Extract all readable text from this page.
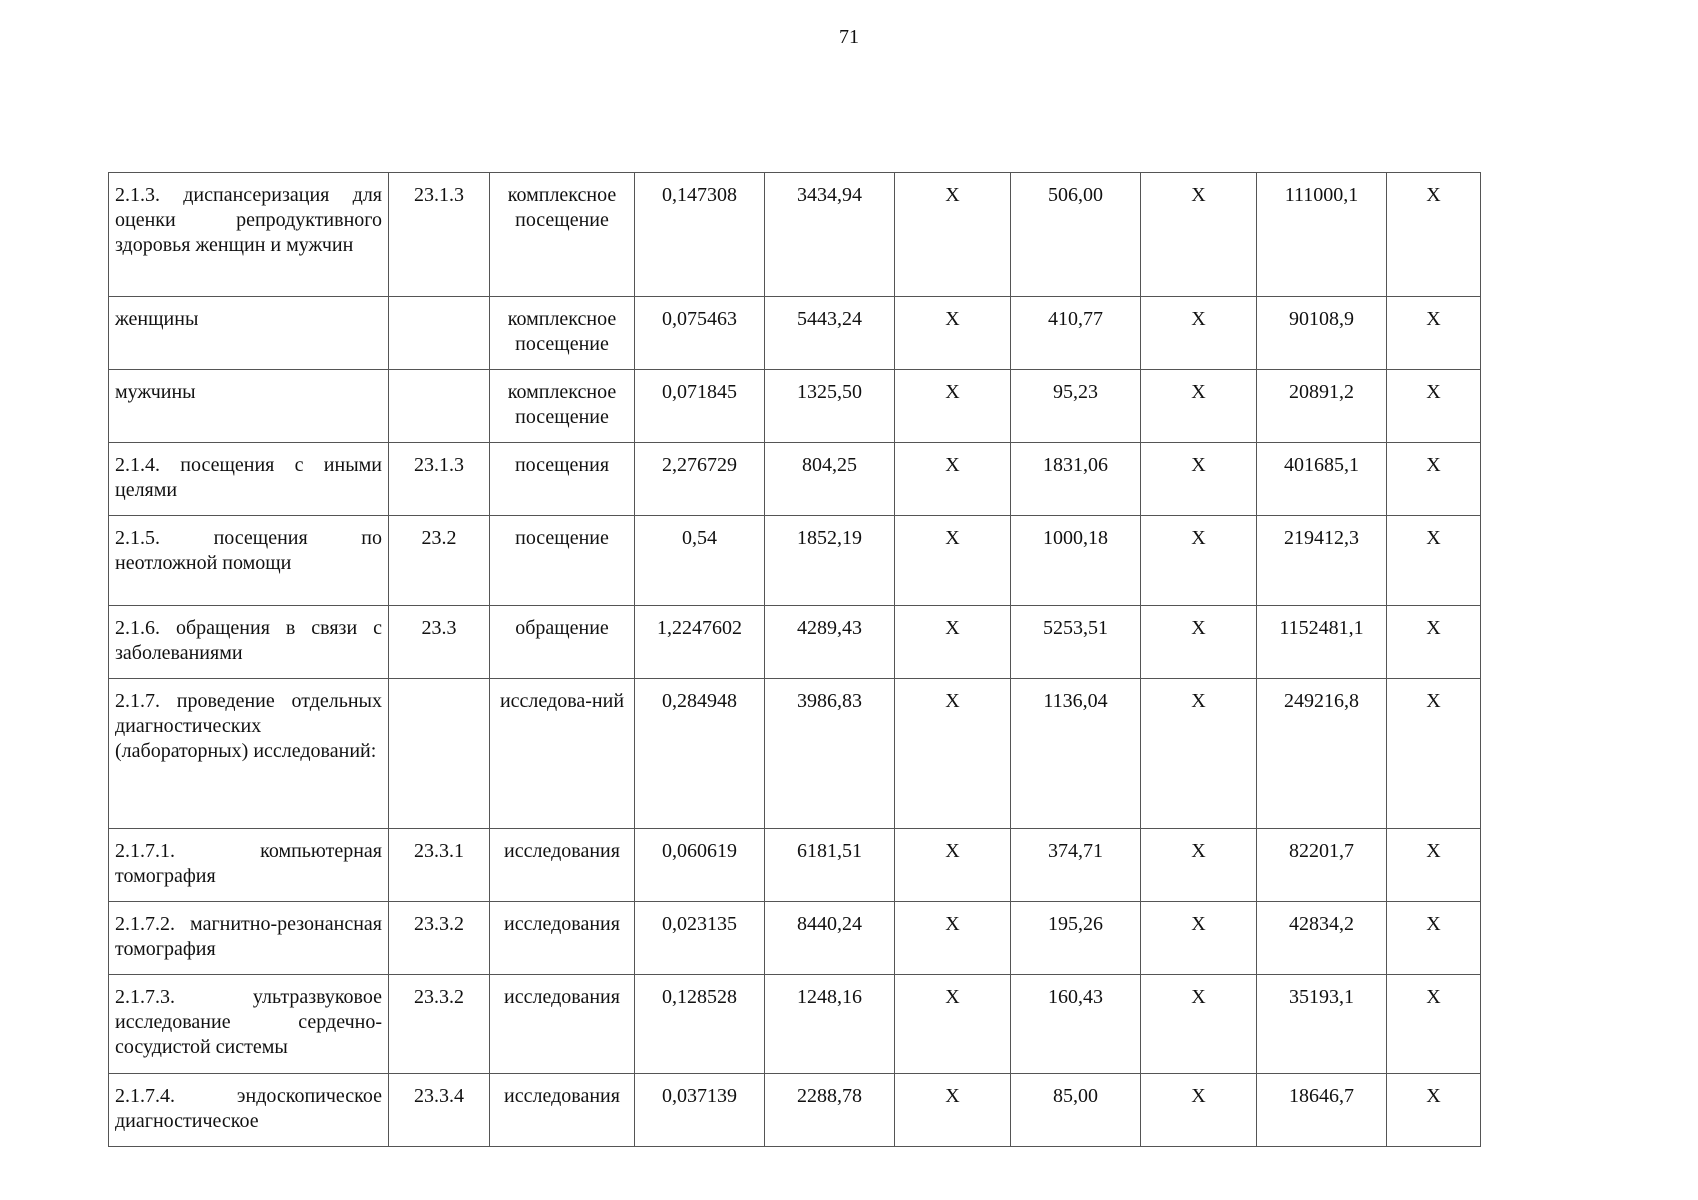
71
2.1.3. диспансеризация для оценки репродуктивного здоровья женщин и мужчин	23.1.3	комплексное посещение	0,147308	3434,94	Х	506,00	Х	111000,1	Х
женщины		комплексное посещение	0,075463	5443,24	Х	410,77	Х	90108,9	Х
мужчины		комплексное посещение	0,071845	1325,50	Х	95,23	Х	20891,2	Х
2.1.4. посещения с иными целями	23.1.3	посещения	2,276729	804,25	Х	1831,06	Х	401685,1	Х
2.1.5. посещения по неотложной помощи	23.2	посещение	0,54	1852,19	Х	1000,18	Х	219412,3	Х
2.1.6. обращения в связи с заболеваниями	23.3	обращение	1,2247602	4289,43	Х	5253,51	Х	1152481,1	Х
2.1.7. проведение отдельных диагностических (лабораторных) исследований:		исследова-ний	0,284948	3986,83	Х	1136,04	Х	249216,8	Х
2.1.7.1. компьютерная томография	23.3.1	исследования	0,060619	6181,51	Х	374,71	Х	82201,7	Х
2.1.7.2. магнитно-резонансная томография	23.3.2	исследования	0,023135	8440,24	Х	195,26	Х	42834,2	Х
2.1.7.3. ультразвуковое исследование сердечно-сосудистой системы	23.3.2	исследования	0,128528	1248,16	Х	160,43	Х	35193,1	Х
2.1.7.4. эндоскопическое диагностическое	23.3.4	исследования	0,037139	2288,78	Х	85,00	Х	18646,7	Х
